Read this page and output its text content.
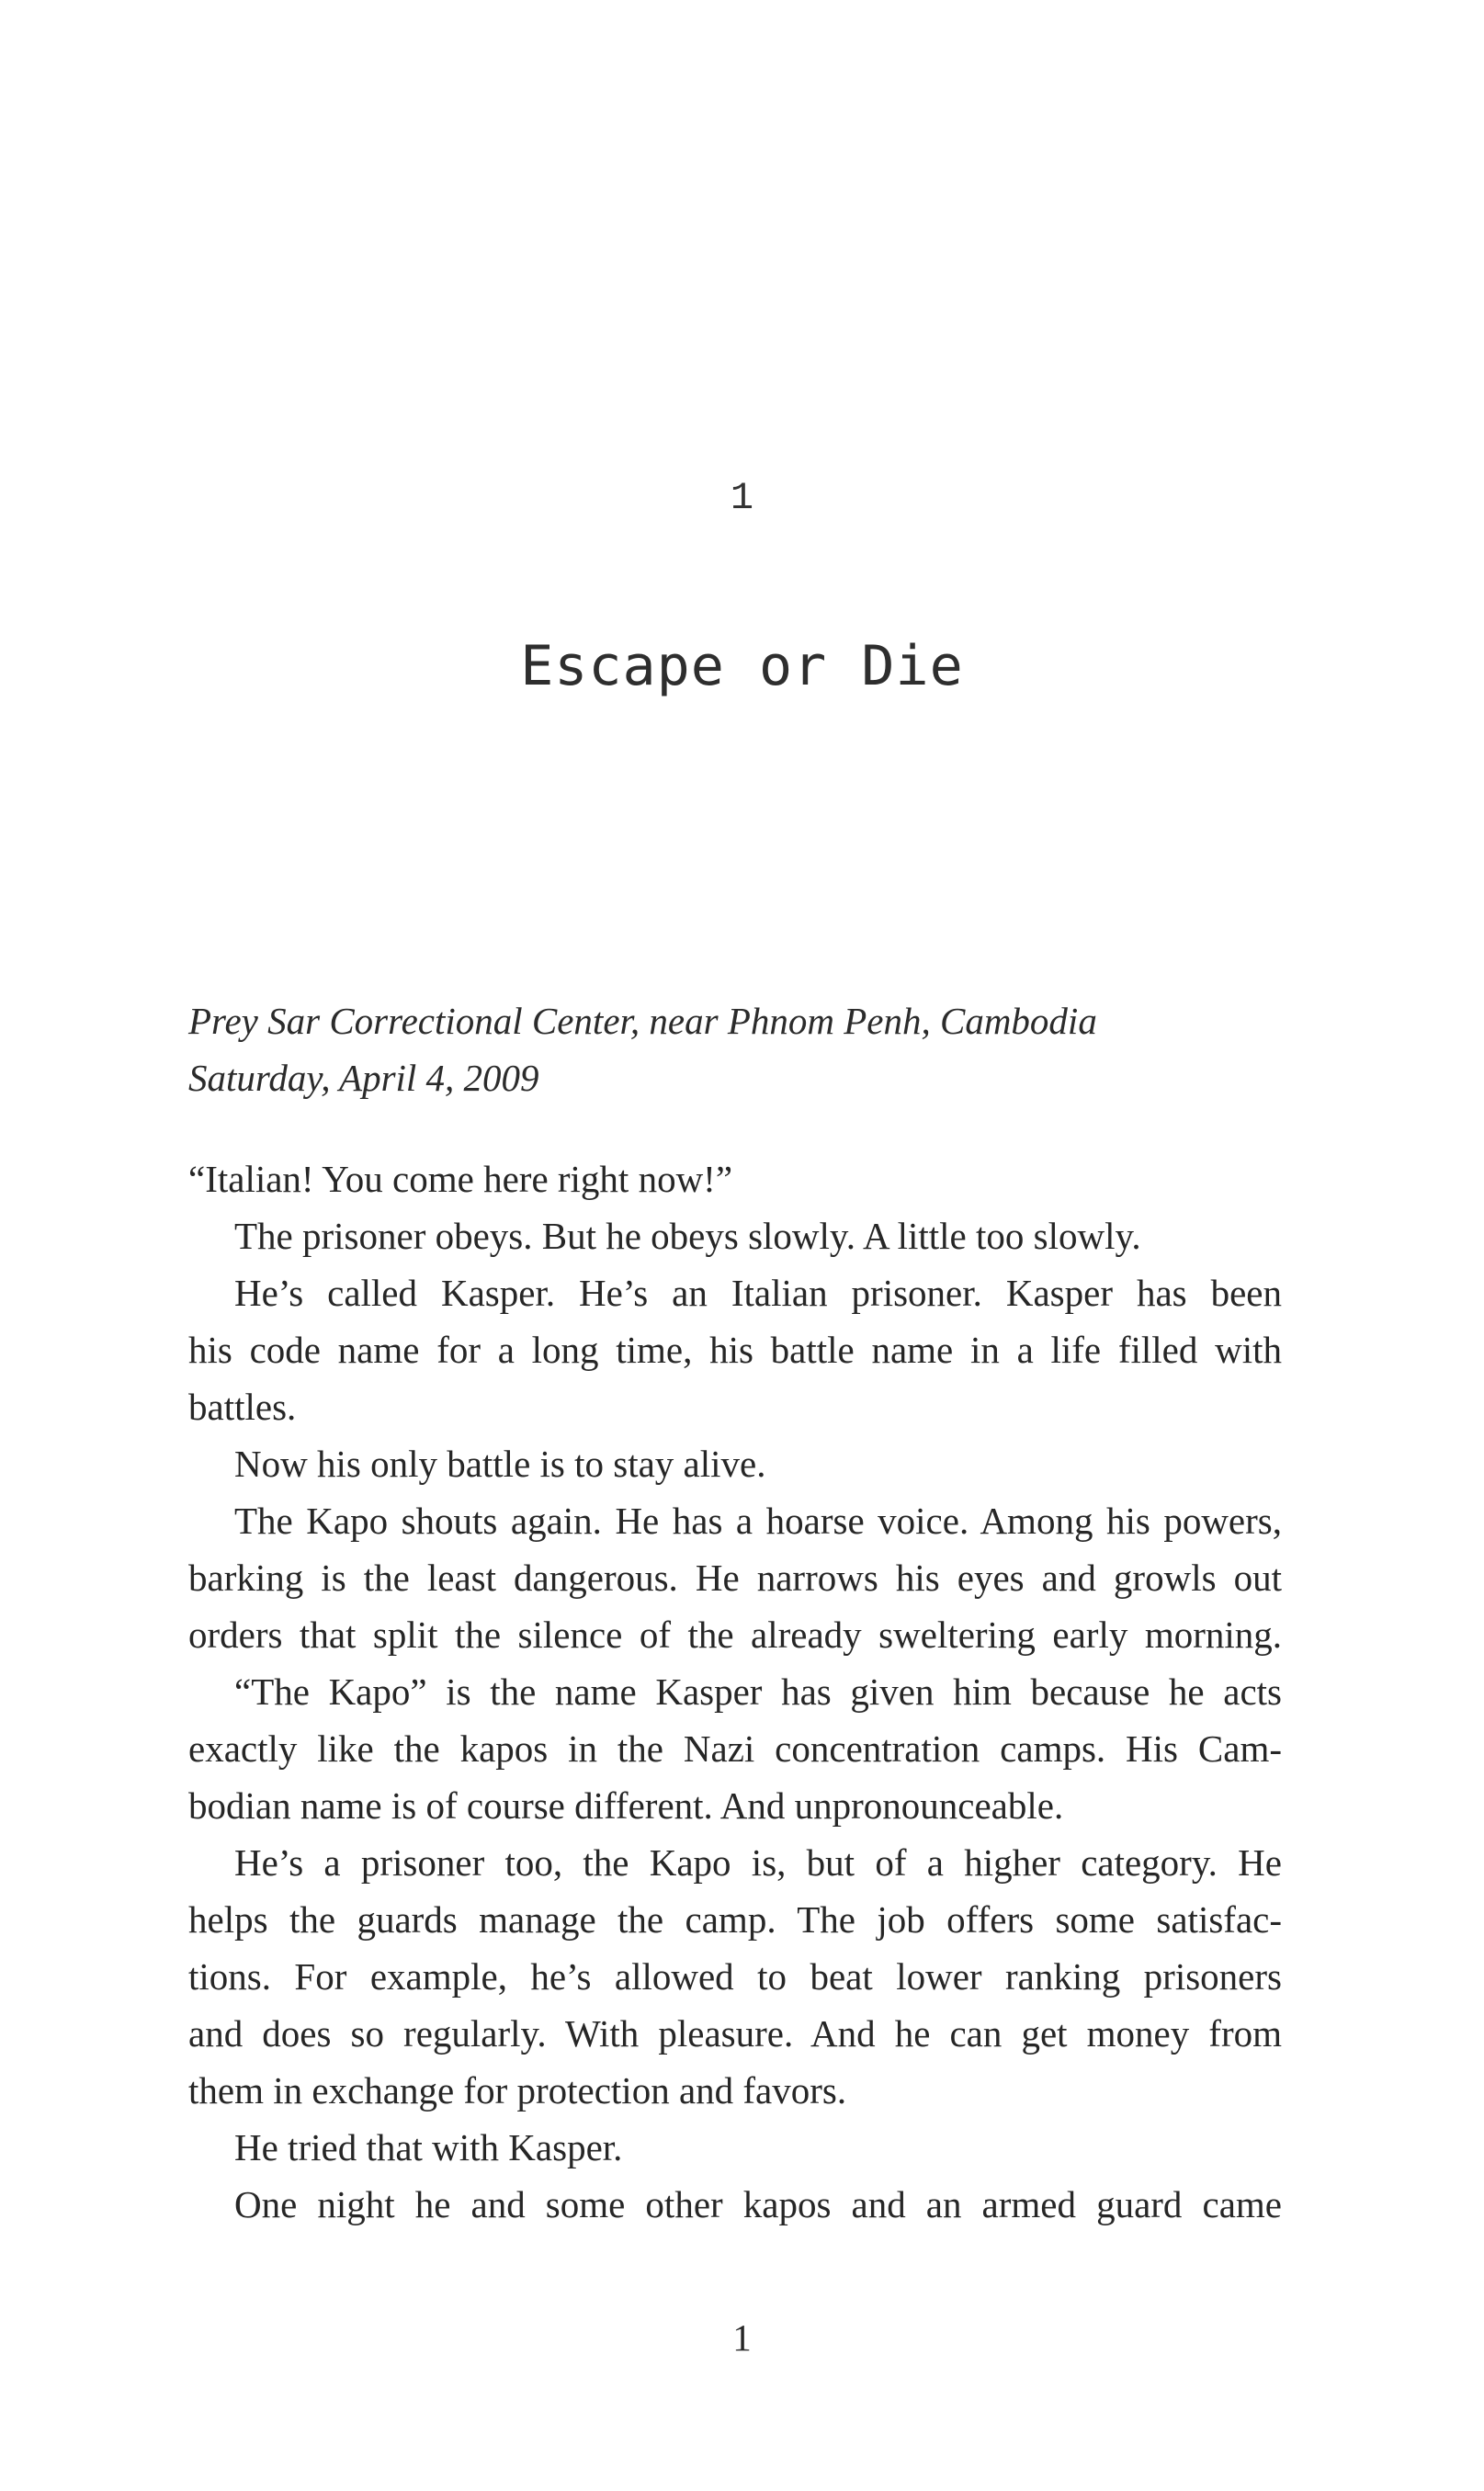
1
Escape or Die
Prey Sar Correctional Center, near Phnom Penh, Cambodia
Saturday, April 4, 2009
“Italian! You come here right now!”
The prisoner obeys. But he obeys slowly. A little too slowly.
He’s called Kasper. He’s an Italian prisoner. Kasper has been
his code name for a long time, his battle name in a life filled with
battles.
Now his only battle is to stay alive.
The Kapo shouts again. He has a hoarse voice. Among his powers,
barking is the least dangerous. He narrows his eyes and growls out
orders that split the silence of the already sweltering early morning.
“The Kapo” is the name Kasper has given him because he acts
exactly like the kapos in the Nazi concentration camps. His Cam-
bodian name is of course different. And unpronounceable.
He’s a prisoner too, the Kapo is, but of a higher category. He
helps the guards manage the camp. The job offers some satisfac-
tions. For example, he’s allowed to beat lower ranking prisoners
and does so regularly. With pleasure. And he can get money from
them in exchange for protection and favors.
He tried that with Kasper.
One night he and some other kapos and an armed guard came
1
